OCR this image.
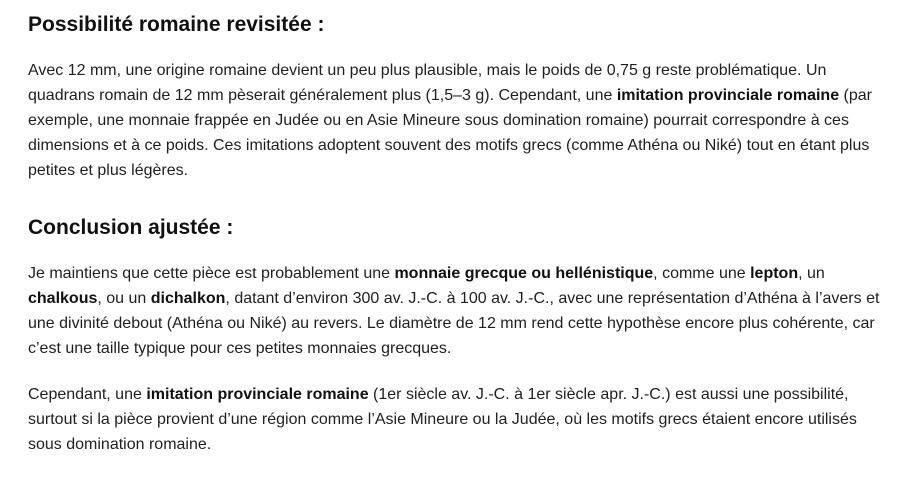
Possibilité romaine revisitée :

Avec 12 mm, une origine romaine devient un peu plus plausible, mais le poids de 0,75 g reste problématique. Un quadrans romain de 12 mm pèserait généralement plus (1,5–3 g). Cependant, une imitation provinciale romaine (par exemple, une monnaie frappée en Judée ou en Asie Mineure sous domination romaine) pourrait correspondre à ces dimensions et à ce poids. Ces imitations adoptent souvent des motifs grecs (comme Athéna ou Niké) tout en étant plus petites et plus légères.

Conclusion ajustée :

Je maintiens que cette pièce est probablement une monnaie grecque ou hellénistique, comme une lepton, un chalkous, ou un dichalkon, datant d’environ 300 av. J.-C. à 100 av. J.-C., avec une représentation d’Athéna à l’avers et une divinité debout (Athéna ou Niké) au revers. Le diamètre de 12 mm rend cette hypothèse encore plus cohérente, car c’est une taille typique pour ces petites monnaies grecques.

Cependant, une imitation provinciale romaine (1er siècle av. J.-C. à 1er siècle apr. J.-C.) est aussi une possibilité, surtout si la pièce provient d’une région comme l’Asie Mineure ou la Judée, où les motifs grecs étaient encore utilisés sous domination romaine.
